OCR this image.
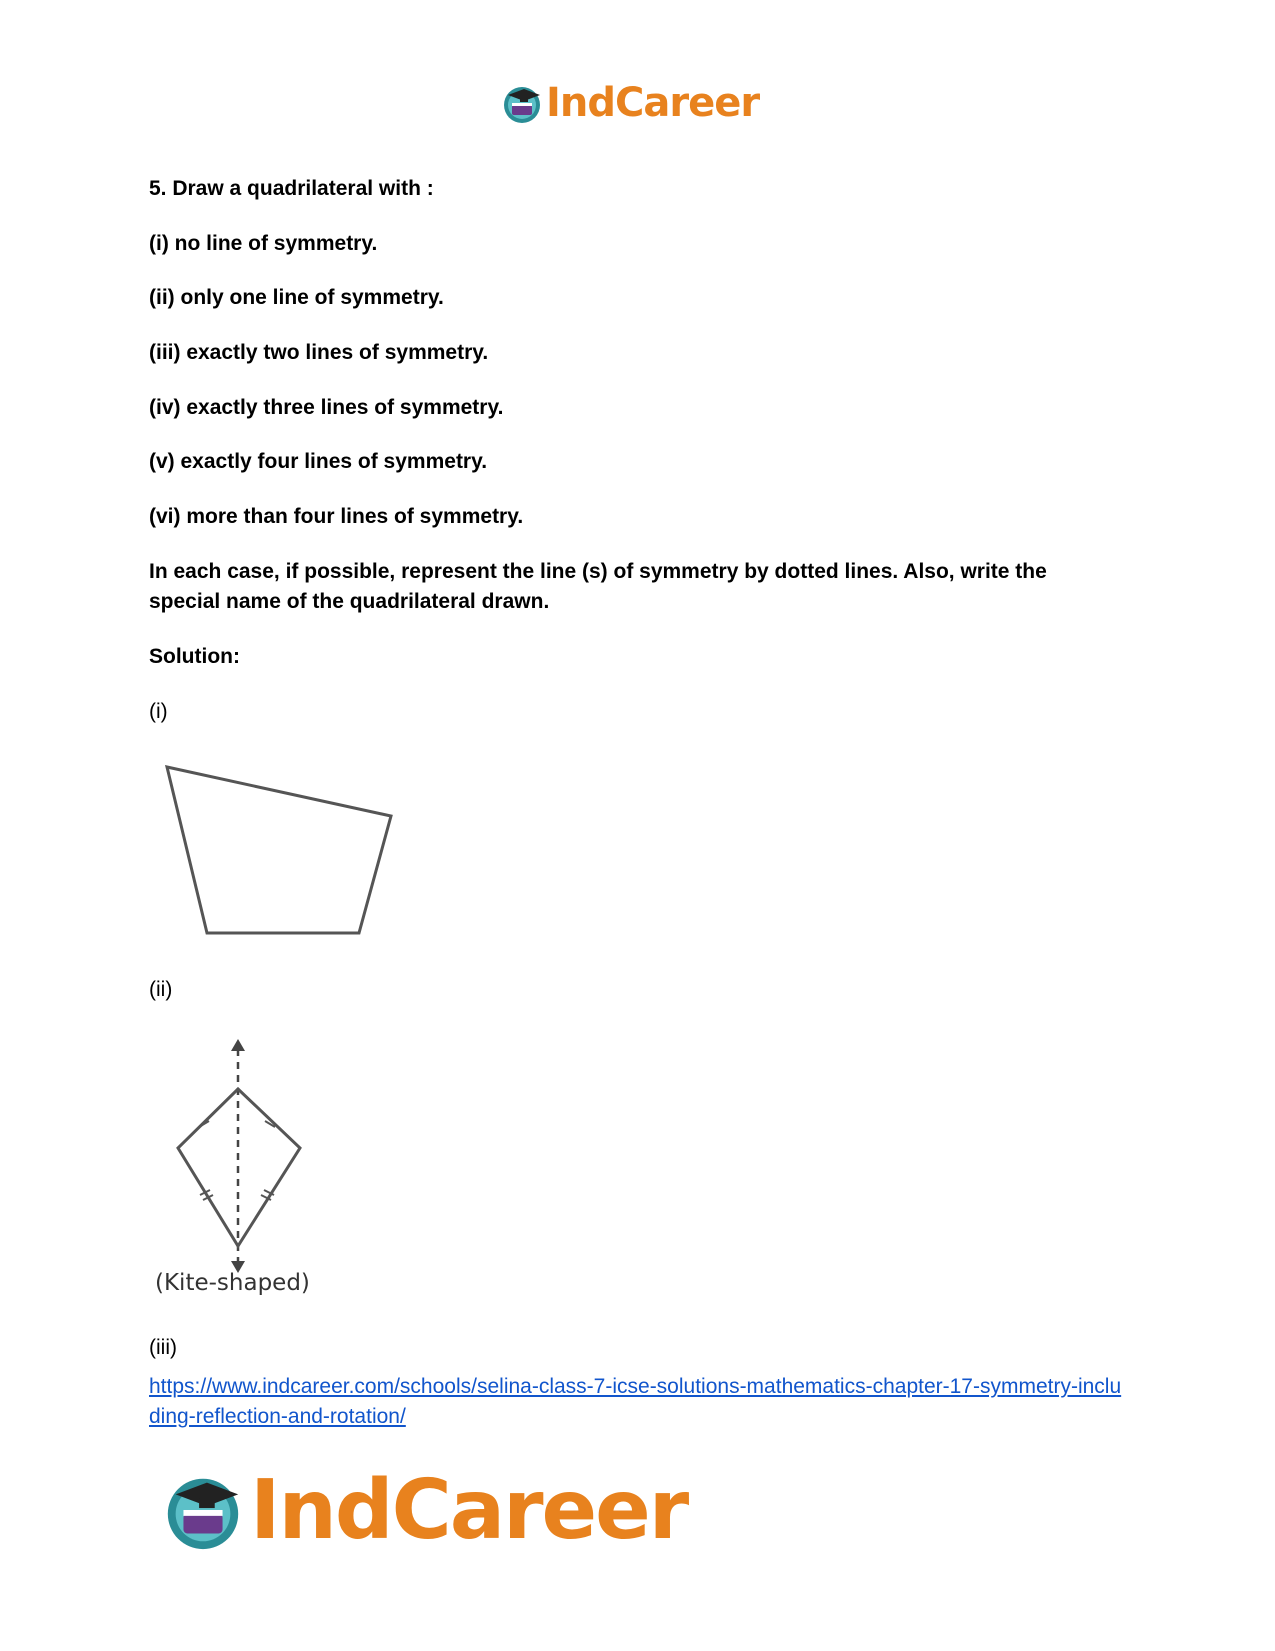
IndCareer
5. Draw a quadrilateral with :
(i) no line of symmetry.
(ii) only one line of symmetry.
(iii) exactly two lines of symmetry.
(iv) exactly three lines of symmetry.
(v) exactly four lines of symmetry.
(vi) more than four lines of symmetry.
In each case, if possible, represent the line (s) of symmetry by dotted lines. Also, write the special name of the quadrilateral drawn.
Solution:
(i)
(ii)
(Kite-shaped)
(iii)
https://www.indcareer.com/schools/selina-class-7-icse-solutions-mathematics-chapter-17-symmetry-including-reflection-and-rotation/
IndCareer
